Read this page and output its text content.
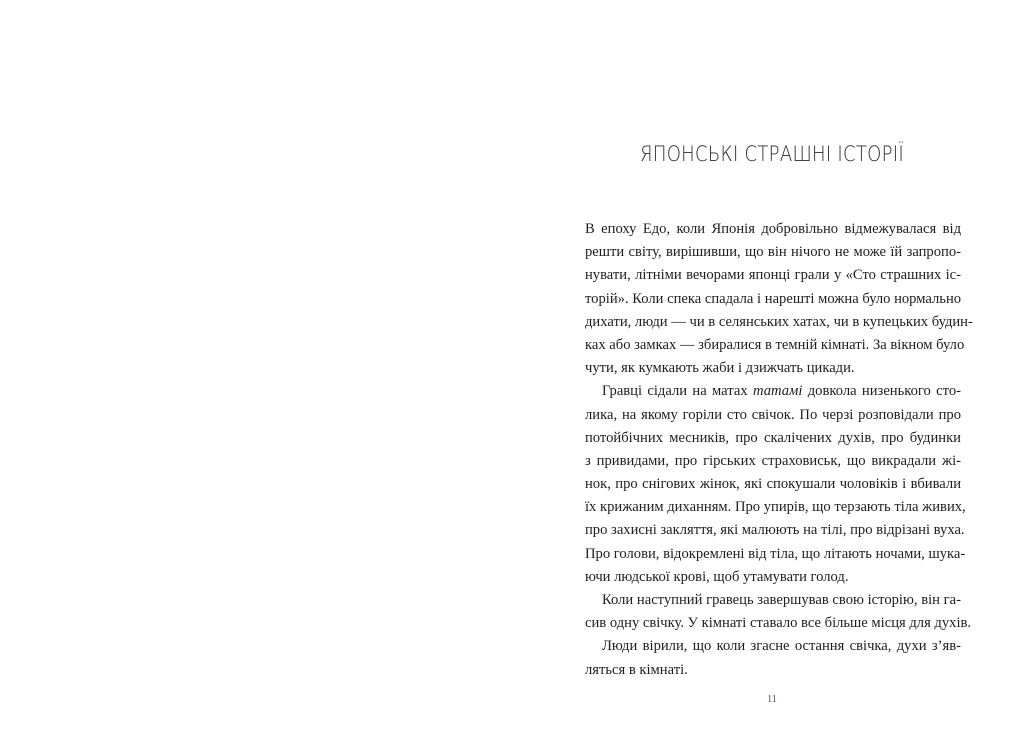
ЯПОНСЬКІ СТРАШНІ ІСТОРІЇ
В епоху Едо, коли Японія добровільно відмежувалася від
решти світу, вирішивши, що він нічого не може їй запропо-
нувати, літніми вечорами японці грали у «Сто страшних іс-
торій». Коли спека спадала і нарешті можна було нормально
дихати, люди — чи в селянських хатах, чи в купецьких будин-
ках або замках — збиралися в темній кімнаті. За вікном було
чути, як кумкають жаби і дзижчать цикади.
Гравці сідали на матах татамі довкола низенького сто-
лика, на якому горіли сто свічок. По черзі розповідали про
потойбічних месників, про скалічених духів, про будинки
з привидами, про гірських страховиськ, що викрадали жі-
нок, про снігових жінок, які спокушали чоловіків і вбивали
їх крижаним диханням. Про упирів, що терзають тіла живих,
про захисні закляття, які малюють на тілі, про відрізані вуха.
Про голови, відокремлені від тіла, що літають ночами, шука-
ючи людської крові, щоб утамувати голод.
Коли наступний гравець завершував свою історію, він га-
сив одну свічку. У кімнаті ставало все більше місця для духів.
Люди вірили, що коли згасне остання свічка, духи з’яв-
ляться в кімнаті.
11
